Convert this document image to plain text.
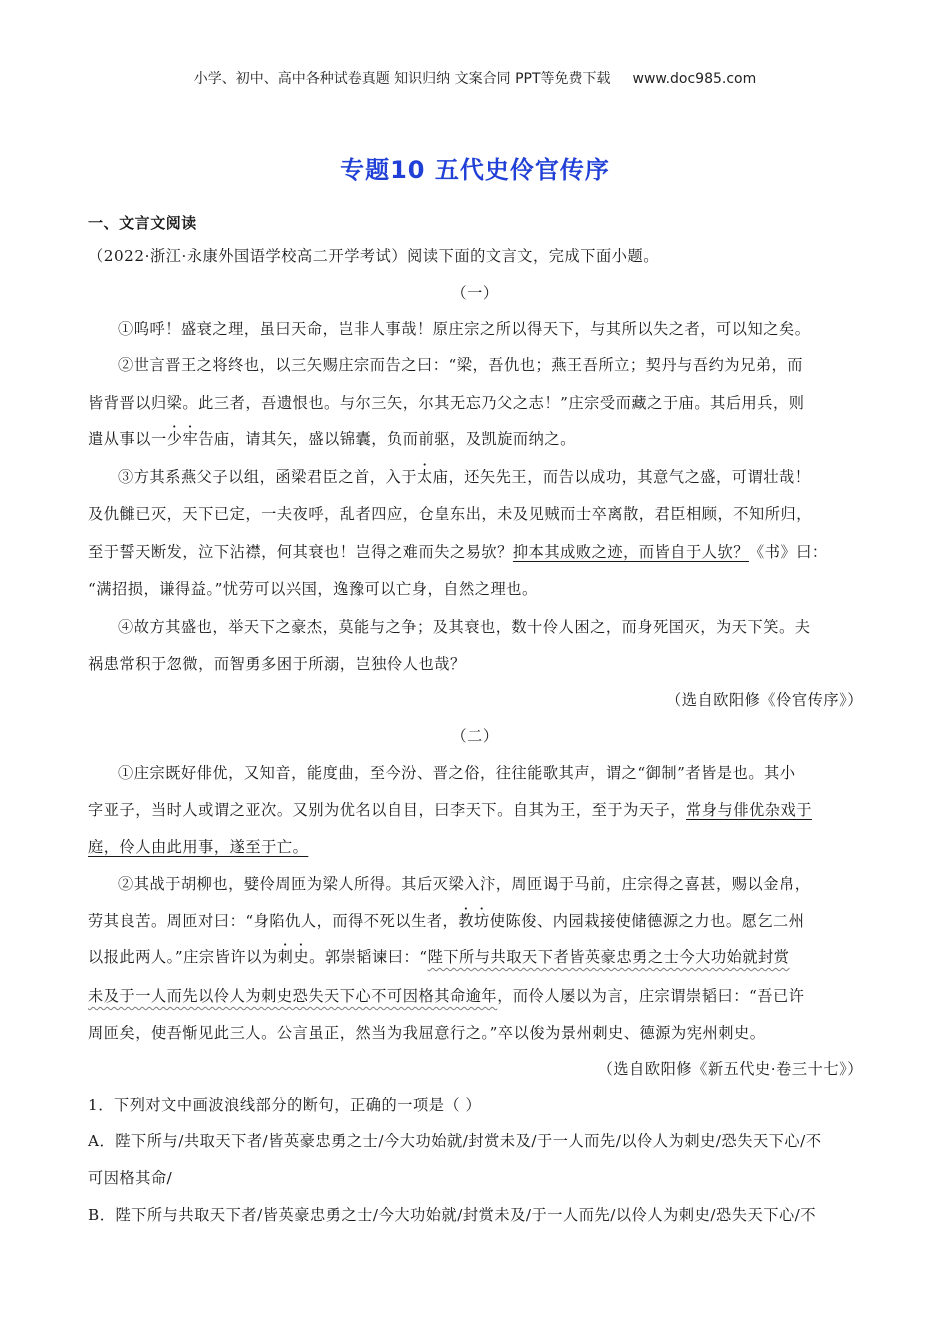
小学、初中、高中各种试卷真题 知识归纳 文案合同 PPT等免费下载 www.doc985.com
专题10 五代史伶官传序
一、文言文阅读
（2022·浙江·永康外国语学校高二开学考试）阅读下面的文言文，完成下面小题。
（一）
①呜呼！盛衰之理，虽曰天命，岂非人事哉！原庄宗之所以得天下，与其所以失之者，可以知之矣。
②世言晋王之将终也，以三矢赐庄宗而告之曰：“梁，吾仇也；燕王吾所立；契丹与吾约为兄弟，而
皆背晋以归梁。此三者，吾遗恨也。与尔三矢，尔其无忘乃父之志！”庄宗受而藏之于庙。其后用兵，则
遣从事以一少牢告庙，请其矢，盛以锦囊，负而前驱，及凯旋而纳之。
③方其系燕父子以组，函梁君臣之首，入于太庙，还矢先王，而告以成功，其意气之盛，可谓壮哉！
及仇雠已灭，天下已定，一夫夜呼，乱者四应，仓皇东出，未及见贼而士卒离散，君臣相顾，不知所归，
至于誓天断发，泣下沾襟，何其衰也！岂得之难而失之易欤？抑本其成败之迹，而皆自于人欤？《书》曰：
“满招损，谦得益。”忧劳可以兴国，逸豫可以亡身，自然之理也。
④故方其盛也，举天下之豪杰，莫能与之争；及其衰也，数十伶人困之，而身死国灭，为天下笑。夫
祸患常积于忽微，而智勇多困于所溺，岂独伶人也哉？
（选自欧阳修《伶官传序》）
（二）
①庄宗既好俳优，又知音，能度曲，至今汾、晋之俗，往往能歌其声，谓之“御制”者皆是也。其小
字亚子，当时人或谓之亚次。又别为优名以自目，曰李天下。自其为王，至于为天子，常身与俳优杂戏于
庭，伶人由此用事，遂至于亡。
②其战于胡柳也，嬖伶周匝为梁人所得。其后灭梁入汴，周匝谒于马前，庄宗得之喜甚，赐以金帛，
劳其良苦。周匝对曰：“身陷仇人，而得不死以生者，教坊使陈俊、内园栽接使储德源之力也。愿乞二州
以报此两人。”庄宗皆许以为刺史。郭崇韬谏曰：“陛下所与共取天下者皆英豪忠勇之士今大功始就封赏
未及于一人而先以伶人为刺史恐失天下心不可因格其命逾年，而伶人屡以为言，庄宗谓崇韬曰：“吾已许
周匝矣，使吾惭见此三人。公言虽正，然当为我屈意行之。”卒以俊为景州刺史、德源为宪州刺史。
（选自欧阳修《新五代史·卷三十七》）
1．下列对文中画波浪线部分的断句，正确的一项是（ ）
A．陛下所与/共取天下者/皆英豪忠勇之士/今大功始就/封赏未及/于一人而先/以伶人为刺史/恐失天下心/不
可因格其命/
B．陛下所与共取天下者/皆英豪忠勇之士/今大功始就/封赏未及/于一人而先/以伶人为刺史/恐失天下心/不
